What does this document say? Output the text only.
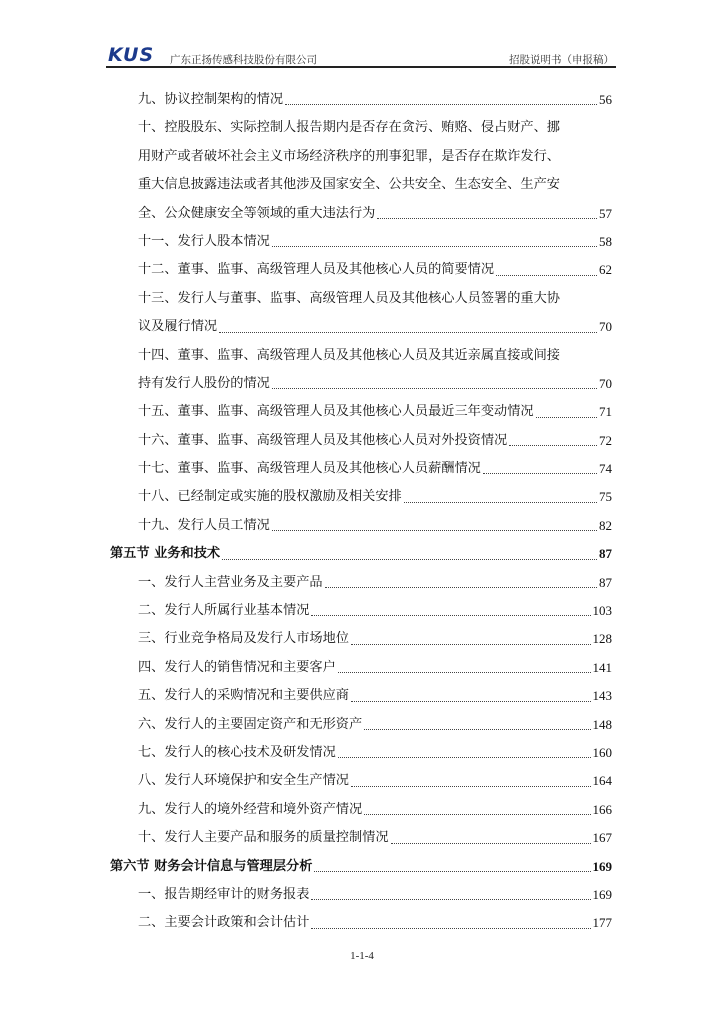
KUS 广东正扬传感科技股份有限公司	招股说明书（申报稿）
九、协议控制架构的情况	56
十、控股股东、实际控制人报告期内是否存在贪污、贿赂、侵占财产、挪
用财产或者破坏社会主义市场经济秩序的刑事犯罪，是否存在欺诈发行、
重大信息披露违法或者其他涉及国家安全、公共安全、生态安全、生产安
全、公众健康安全等领域的重大违法行为	57
十一、发行人股本情况	58
十二、董事、监事、高级管理人员及其他核心人员的简要情况	62
十三、发行人与董事、监事、高级管理人员及其他核心人员签署的重大协
议及履行情况	70
十四、董事、监事、高级管理人员及其他核心人员及其近亲属直接或间接
持有发行人股份的情况	70
十五、董事、监事、高级管理人员及其他核心人员最近三年变动情况	71
十六、董事、监事、高级管理人员及其他核心人员对外投资情况	72
十七、董事、监事、高级管理人员及其他核心人员薪酬情况	74
十八、已经制定或实施的股权激励及相关安排	75
十九、发行人员工情况	82
第五节 业务和技术	87
一、发行人主营业务及主要产品	87
二、发行人所属行业基本情况	103
三、行业竞争格局及发行人市场地位	128
四、发行人的销售情况和主要客户	141
五、发行人的采购情况和主要供应商	143
六、发行人的主要固定资产和无形资产	148
七、发行人的核心技术及研发情况	160
八、发行人环境保护和安全生产情况	164
九、发行人的境外经营和境外资产情况	166
十、发行人主要产品和服务的质量控制情况	167
第六节 财务会计信息与管理层分析	169
一、报告期经审计的财务报表	169
二、主要会计政策和会计估计	177
1-1-4
